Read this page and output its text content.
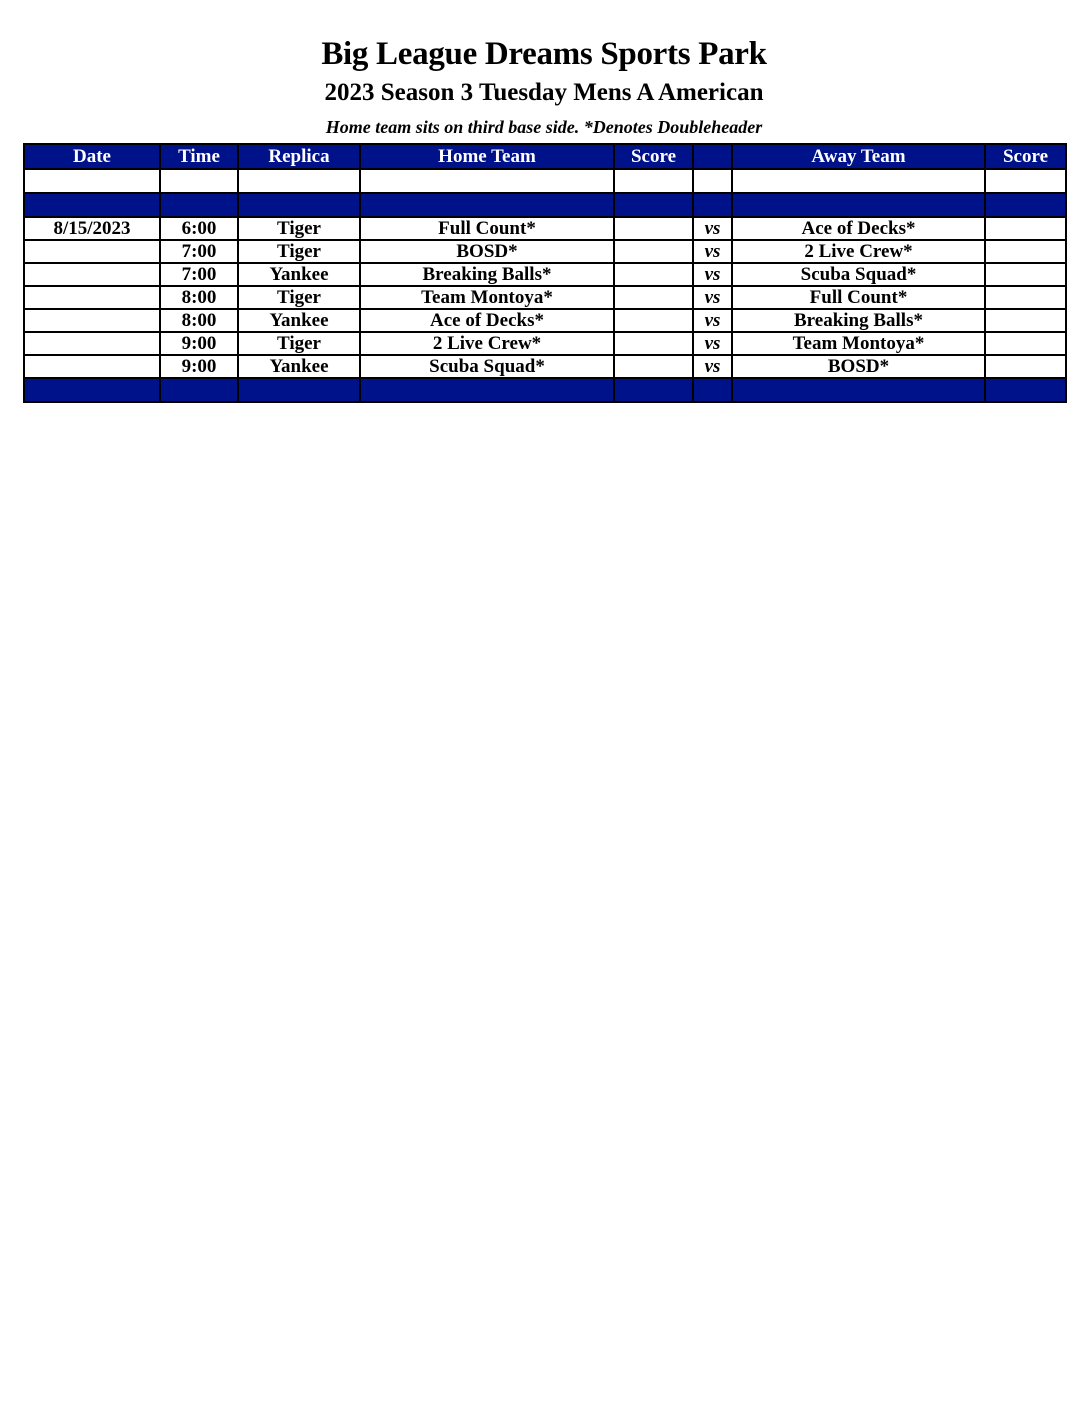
Big League Dreams Sports Park
2023 Season 3 Tuesday Mens A American
Home team sits on third base side. *Denotes Doubleheader
Date	Time	Replica	Home Team	Score		Away Team	Score

8/15/2023	6:00	Tiger	Full Count*		vs	Ace of Decks*	
	7:00	Tiger	BOSD*		vs	2 Live Crew*	
	7:00	Yankee	Breaking Balls*		vs	Scuba Squad*	
	8:00	Tiger	Team Montoya*		vs	Full Count*	
	8:00	Yankee	Ace of Decks*		vs	Breaking Balls*	
	9:00	Tiger	2 Live Crew*		vs	Team Montoya*	
	9:00	Yankee	Scuba Squad*		vs	BOSD*	
